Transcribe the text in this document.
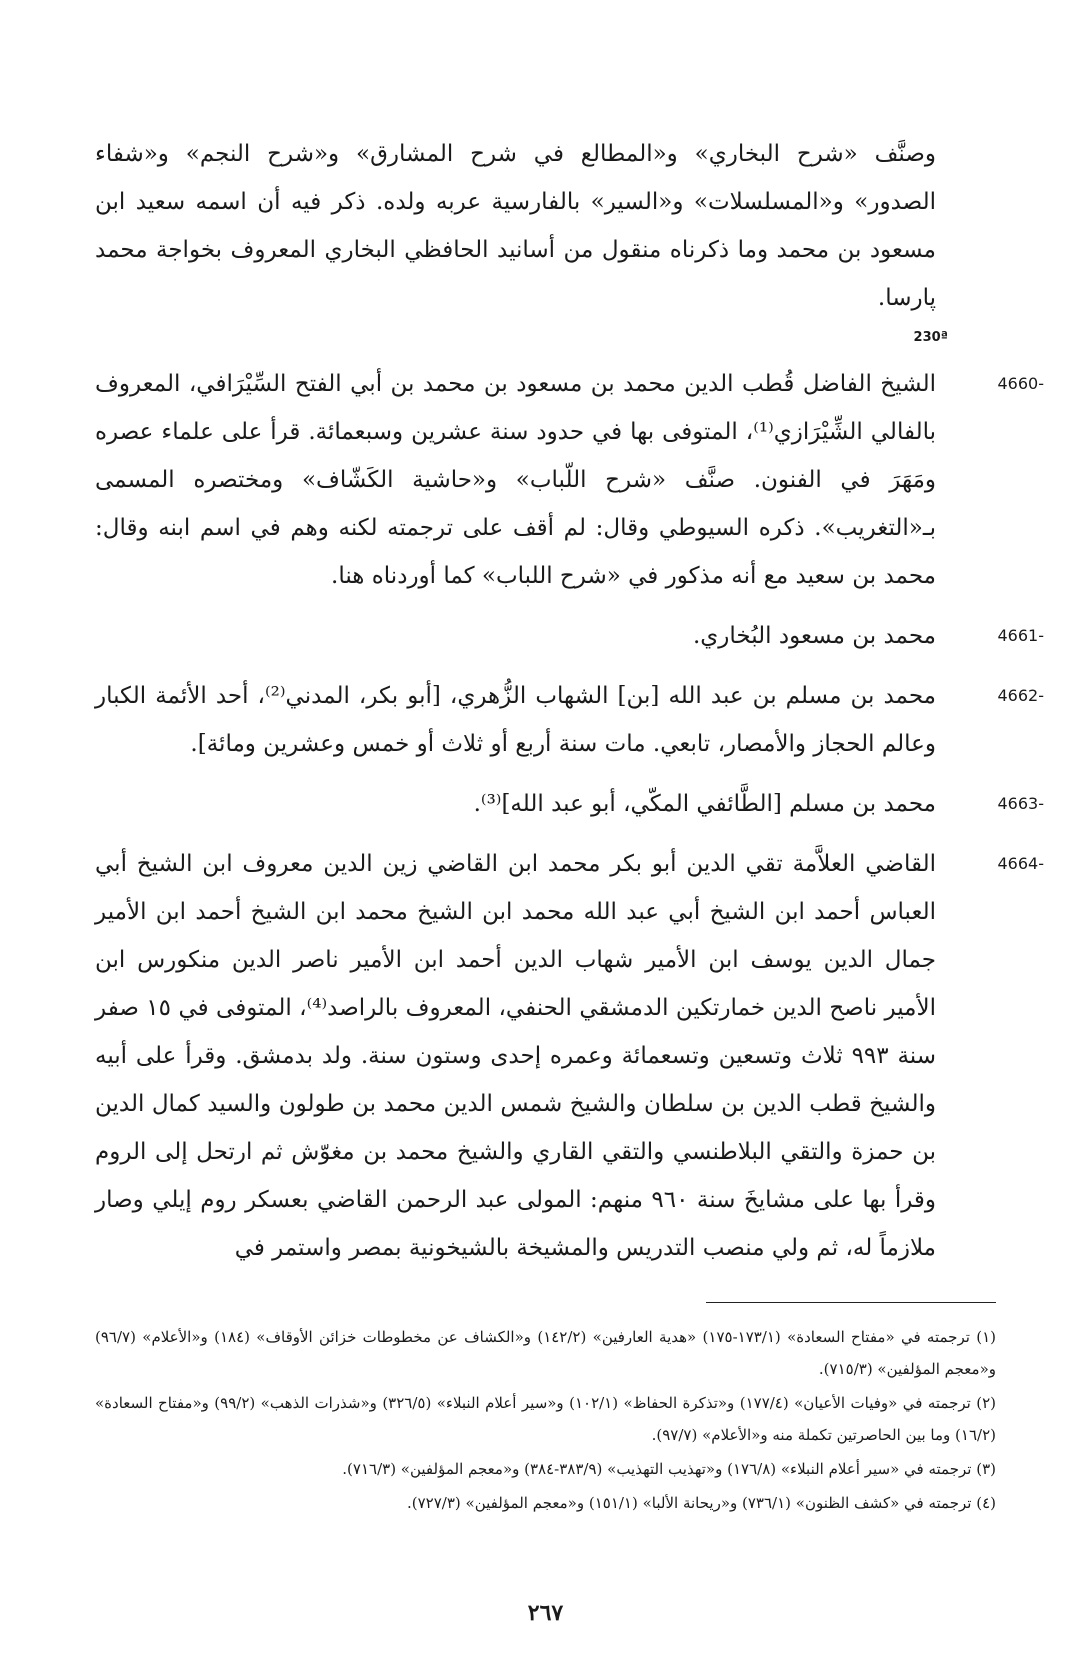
وصنَّف «شرح البخاري» و«المطالع في شرح المشارق» و«شرح النجم» و«شفاء الصدور» و«المسلسلات» و«السير» بالفارسية عربه ولده. ذكر فيه أن اسمه سعيد ابن مسعود بن محمد وما ذكرناه منقول من أسانيد الحافظي البخاري المعروف بخواجة محمد پارسا.

230ª
4660 -
الشيخ الفاضل قُطب الدين محمد بن مسعود بن محمد بن أبي الفتح السِّيْرَافي، المعروف بالفالي الشِّيْرَازي⁽¹⁾، المتوفى بها في حدود سنة عشرين وسبعمائة. قرأ على علماء عصره ومَهَرَ في الفنون. صنَّف «شرح اللّباب» و«حاشية الكَشّاف» ومختصره المسمى بـ«التغريب». ذكره السيوطي وقال: لم أقف على ترجمته لكنه وهم في اسم ابنه وقال: محمد بن سعيد مع أنه مذكور في «شرح اللباب» كما أوردناه هنا.
4661 -
محمد بن مسعود البُخاري.
4662 -
محمد بن مسلم بن عبد الله [بن] الشهاب الزُّهري، [أبو بكر، المدني⁽²⁾، أحد الأئمة الكبار وعالم الحجاز والأمصار، تابعي. مات سنة أربع أو ثلاث أو خمس وعشرين ومائة].
4663 -
محمد بن مسلم [الطَّائفي المكّي، أبو عبد الله]⁽³⁾.
4664 -
القاضي العلاَّمة تقي الدين أبو بكر محمد ابن القاضي زين الدين معروف ابن الشيخ أبي العباس أحمد ابن الشيخ أبي عبد الله محمد ابن الشيخ محمد ابن الشيخ أحمد ابن الأمير جمال الدين يوسف ابن الأمير شهاب الدين أحمد ابن الأمير ناصر الدين منكورس ابن الأمير ناصح الدين خمارتكين الدمشقي الحنفي، المعروف بالراصد⁽⁴⁾، المتوفى في ١٥ صفر سنة ٩٩٣ ثلاث وتسعين وتسعمائة وعمره إحدى وستون سنة. ولد بدمشق. وقرأ على أبيه والشيخ قطب الدين بن سلطان والشيخ شمس الدين محمد بن طولون والسيد كمال الدين بن حمزة والتقي البلاطنسي والتقي القاري والشيخ محمد بن مغوّش ثم ارتحل إلى الروم وقرأ بها على مشايخَ سنة ٩٦٠ منهم: المولى عبد الرحمن القاضي بعسكر روم إيلي وصار ملازماً له، ثم ولي منصب التدريس والمشيخة بالشيخونية بمصر واستمر في

(١) ترجمته في «مفتاح السعادة» (١٧٣/١-١٧٥) «هدية العارفين» (١٤٢/٢) و«الكشاف عن مخطوطات خزائن الأوقاف» (١٨٤) و«الأعلام» (٩٦/٧) و«معجم المؤلفين» (٧١٥/٣).

(٢) ترجمته في «وفيات الأعيان» (١٧٧/٤) و«تذكرة الحفاظ» (١٠٢/١) و«سير أعلام النبلاء» (٣٢٦/٥) و«شذرات الذهب» (٩٩/٢) و«مفتاح السعادة» (١٦/٢) وما بين الحاصرتين تكملة منه و«الأعلام» (٩٧/٧).

(٣) ترجمته في «سير أعلام النبلاء» (١٧٦/٨) و«تهذيب التهذيب» (٣٨٣/٩-٣٨٤) و«معجم المؤلفين» (٧١٦/٣).

(٤) ترجمته في «كشف الظنون» (٧٣٦/١) و«ريحانة الألبا» (١٥١/١) و«معجم المؤلفين» (٧٢٧/٣).

٢٦٧
